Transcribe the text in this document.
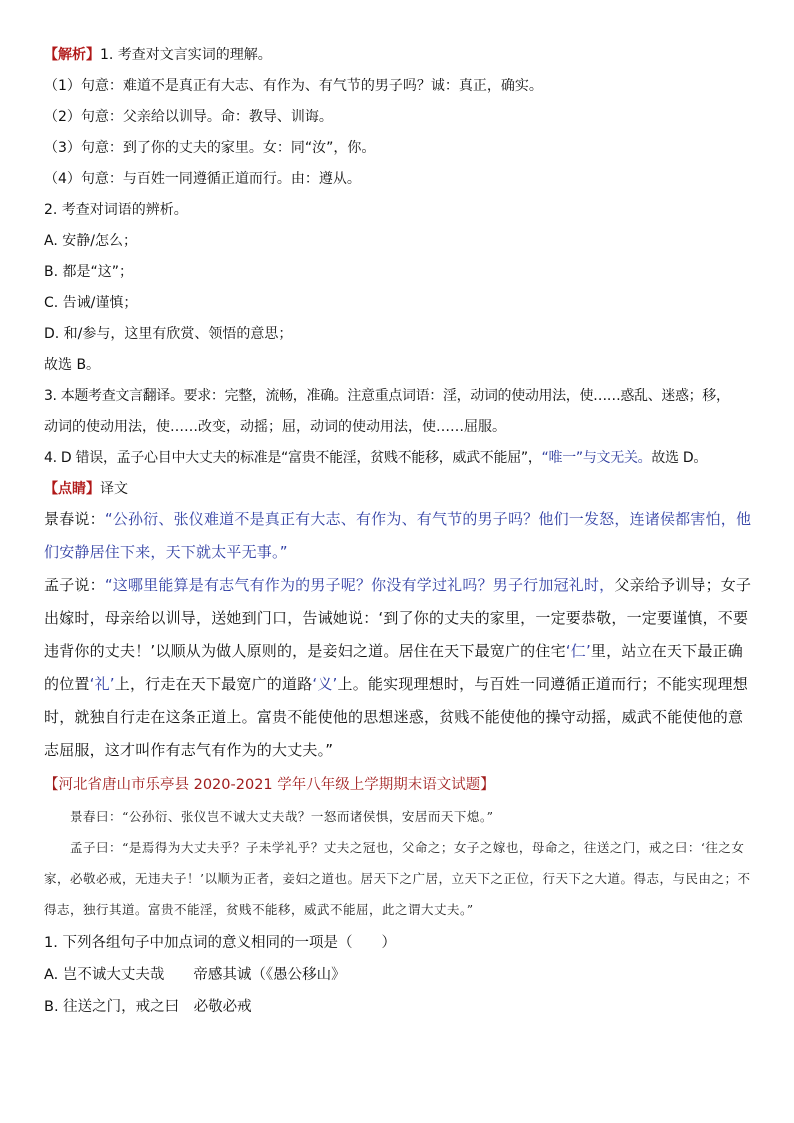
【解析】1. 考查对文言实词的理解。

（1）句意：难道不是真正有大志、有作为、有气节的男子吗？诚：真正，确实。

（2）句意：父亲给以训导。命：教导、训诲。

（3）句意：到了你的丈夫的家里。女：同“汝”，你。

（4）句意：与百姓一同遵循正道而行。由：遵从。

2. 考查对词语的辨析。

A. 安静/怎么；

B. 都是“这”；

C. 告诫/谨慎；

D. 和/参与，这里有欣赏、领悟的意思；

故选 B。

3. 本题考查文言翻译。要求：完整，流畅，准确。注意重点词语：淫，动词的使动用法，使……惑乱、迷惑；移，

动词的使动用法，使……改变，动摇；屈，动词的使动用法，使……屈服。

4. D 错误，孟子心目中大丈夫的标准是“富贵不能淫，贫贱不能移，威武不能屈”，“唯一”与文无关。故选 D。

【点睛】译文

景春说：“公孙衍、张仪难道不是真正有大志、有作为、有气节的男子吗？他们一发怒，连诸侯都害怕，他们安静居住下来，天下就太平无事。”

孟子说：“这哪里能算是有志气有作为的男子呢？你没有学过礼吗？男子行加冠礼时，父亲给予训导；女子出嫁时，母亲给以训导，送她到门口，告诫她说：‘到了你的丈夫的家里，一定要恭敬，一定要谨慎，不要违背你的丈夫！’以顺从为做人原则的，是妾妇之道。居住在天下最宽广的住宅‘仁’里，站立在天下最正确的位置‘礼’上，行走在天下最宽广的道路‘义’上。能实现理想时，与百姓一同遵循正道而行；不能实现理想时，就独自行走在这条正道上。富贵不能使他的思想迷惑，贫贱不能使他的操守动摇，威武不能使他的意志屈服，这才叫作有志气有作为的大丈夫。”

【河北省唐山市乐亭县 2020-2021 学年八年级上学期期末语文试题】

景春曰：“公孙衍、张仪岂不诚大丈夫哉？一怒而诸侯惧，安居而天下熄。”

孟子曰：“是焉得为大丈夫乎？子未学礼乎？丈夫之冠也，父命之；女子之嫁也，母命之，往送之门，戒之曰：‘往之女家，必敬必戒，无违夫子！’以顺为正者，妾妇之道也。居天下之广居，立天下之正位，行天下之大道。得志，与民由之；不得志，独行其道。富贵不能淫，贫贱不能移，威武不能屈，此之谓大丈夫。”

1. 下列各组句子中加点词的意义相同的一项是（　　）

A. 岂不诚大丈夫哉　　帝感其诚（《愚公移山》

B. 往送之门，戒之曰　必敬必戒
